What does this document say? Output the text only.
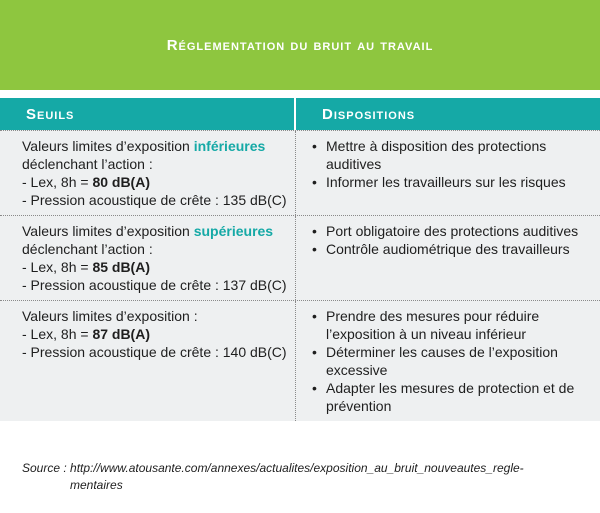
Réglementation du bruit au travail
Seuils	Dispositions
Valeurs limites d’exposition inférieures
déclenchant l’action :
- Lex, 8h = 80 dB(A)
- Pression acoustique de crête : 135 dB(C)
• Mettre à disposition des protections auditives
• Informer les travailleurs sur les risques
Valeurs limites d’exposition supérieures
déclenchant l’action :
- Lex, 8h = 85 dB(A)
- Pression acoustique de crête : 137 dB(C)
• Port obligatoire des protections auditives
• Contrôle audiométrique des travailleurs
Valeurs limites d’exposition :
- Lex, 8h = 87 dB(A)
- Pression acoustique de crête : 140 dB(C)
• Prendre des mesures pour réduire l’exposition à un niveau inférieur
• Déterminer les causes de l’exposition excessive
• Adapter les mesures de protection et de prévention
Source : http://www.atousante.com/annexes/actualites/exposition_au_bruit_nouveautes_regle-
mentaires
